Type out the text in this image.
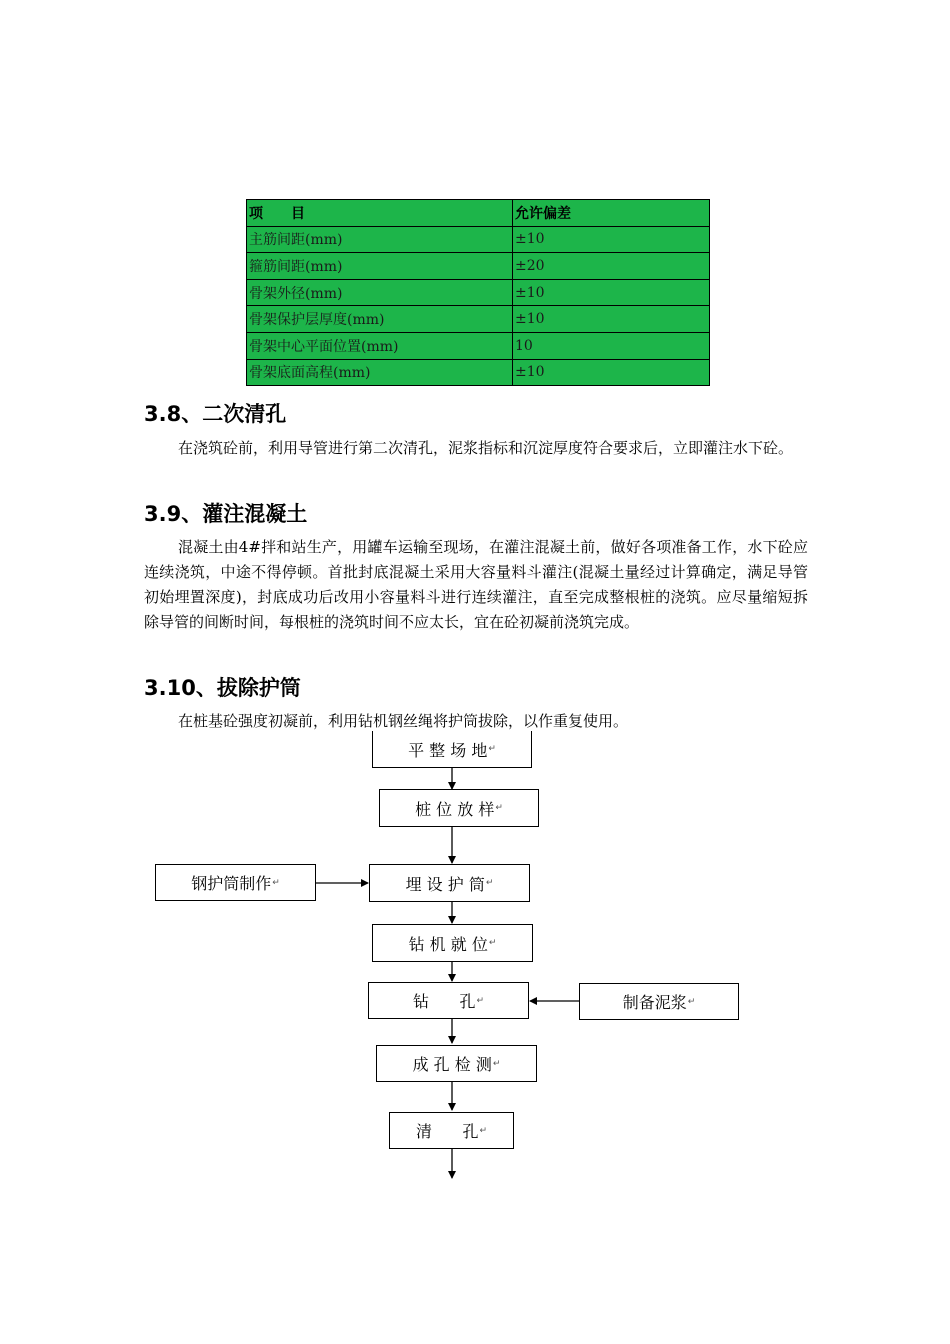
项　　目	允许偏差
主筋间距(mm)	±10
箍筋间距(mm)	±20
骨架外径(mm)	±10
骨架保护层厚度(mm)	±10
骨架中心平面位置(mm)	10
骨架底面高程(mm)	±10
3.8、二次清孔

在浇筑砼前，利用导管进行第二次清孔，泥浆指标和沉淀厚度符合要求后，立即灌注水下砼。

3.9、灌注混凝土

混凝土由4#拌和站生产，用罐车运输至现场，在灌注混凝土前，做好各项准备工作，水下砼应连续浇筑，中途不得停顿。首批封底混凝土采用大容量料斗灌注(混凝土量经过计算确定，满足导管初始埋置深度)，封底成功后改用小容量料斗进行连续灌注，直至完成整根桩的浇筑。应尽量缩短拆除导管的间断时间，每根桩的浇筑时间不应太长，宜在砼初凝前浇筑完成。

3.10、拔除护筒

在桩基砼强度初凝前，利用钻机钢丝绳将护筒拔除，以作重复使用。

平 整 场 地 ↵
桩 位 放 样 ↵
钢护筒制作 ↵	埋 设 护 筒 ↵
钻 机 就 位 ↵
钻      孔 ↵	制备泥浆 ↵
成 孔 检 测 ↵
清      孔 ↵
